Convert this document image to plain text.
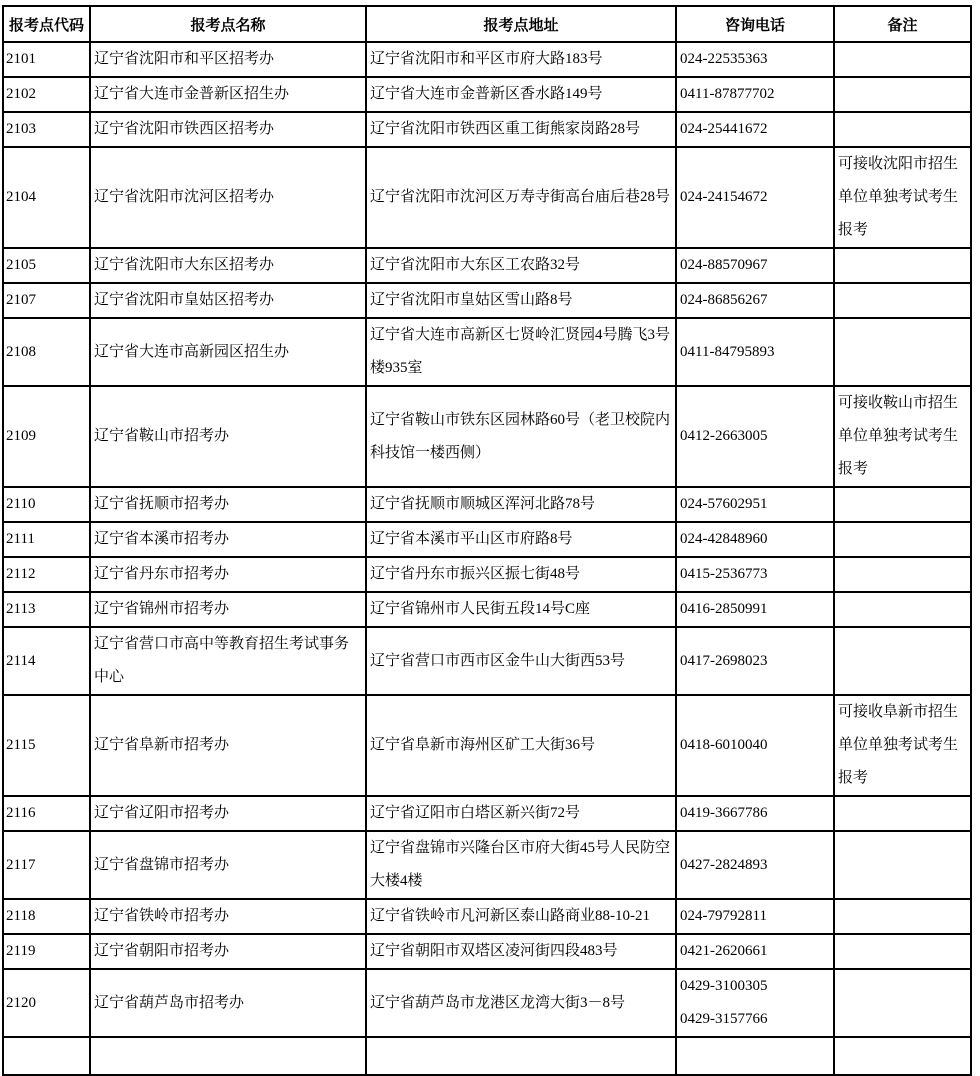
报考点代码	报考点名称	报考点地址	咨询电话	备注
2101	辽宁省沈阳市和平区招考办	辽宁省沈阳市和平区市府大路183号	024-22535363	

2102	辽宁省大连市金普新区招生办	辽宁省大连市金普新区香水路149号	0411-87877702	

2103	辽宁省沈阳市铁西区招考办	辽宁省沈阳市铁西区重工街熊家岗路28号	024-25441672	

2104	辽宁省沈阳市沈河区招考办	辽宁省沈阳市沈河区万寿寺街高台庙后巷28号	024-24154672	可接收沈阳市招生单位单独考试考生报考
2105	辽宁省沈阳市大东区招考办	辽宁省沈阳市大东区工农路32号	024-88570967	

2107	辽宁省沈阳市皇姑区招考办	辽宁省沈阳市皇姑区雪山路8号	024-86856267	

2108	辽宁省大连市高新园区招生办	辽宁省大连市高新区七贤岭汇贤园4号腾飞3号楼935室	0411-84795893	

2109	辽宁省鞍山市招考办	辽宁省鞍山市铁东区园林路60号（老卫校院内科技馆一楼西侧）	0412-2663005	可接收鞍山市招生单位单独考试考生报考
2110	辽宁省抚顺市招考办	辽宁省抚顺市顺城区浑河北路78号	024-57602951	

2111	辽宁省本溪市招考办	辽宁省本溪市平山区市府路8号	024-42848960	

2112	辽宁省丹东市招考办	辽宁省丹东市振兴区振七街48号	0415-2536773	

2113	辽宁省锦州市招考办	辽宁省锦州市人民街五段14号C座	0416-2850991	

2114	辽宁省营口市高中等教育招生考试事务中心	辽宁省营口市西市区金牛山大街西53号	0417-2698023	

2115	辽宁省阜新市招考办	辽宁省阜新市海州区矿工大街36号	0418-6010040	可接收阜新市招生单位单独考试考生报考
2116	辽宁省辽阳市招考办	辽宁省辽阳市白塔区新兴街72号	0419-3667786	

2117	辽宁省盘锦市招考办	辽宁省盘锦市兴隆台区市府大街45号人民防空大楼4楼	0427-2824893	

2118	辽宁省铁岭市招考办	辽宁省铁岭市凡河新区泰山路商业88-10-21	024-79792811	

2119	辽宁省朝阳市招考办	辽宁省朝阳市双塔区凌河街四段483号	0421-2620661	

2120	辽宁省葫芦岛市招考办	辽宁省葫芦岛市龙港区龙湾大街3－8号	0429-3100305
0429-3157766	
